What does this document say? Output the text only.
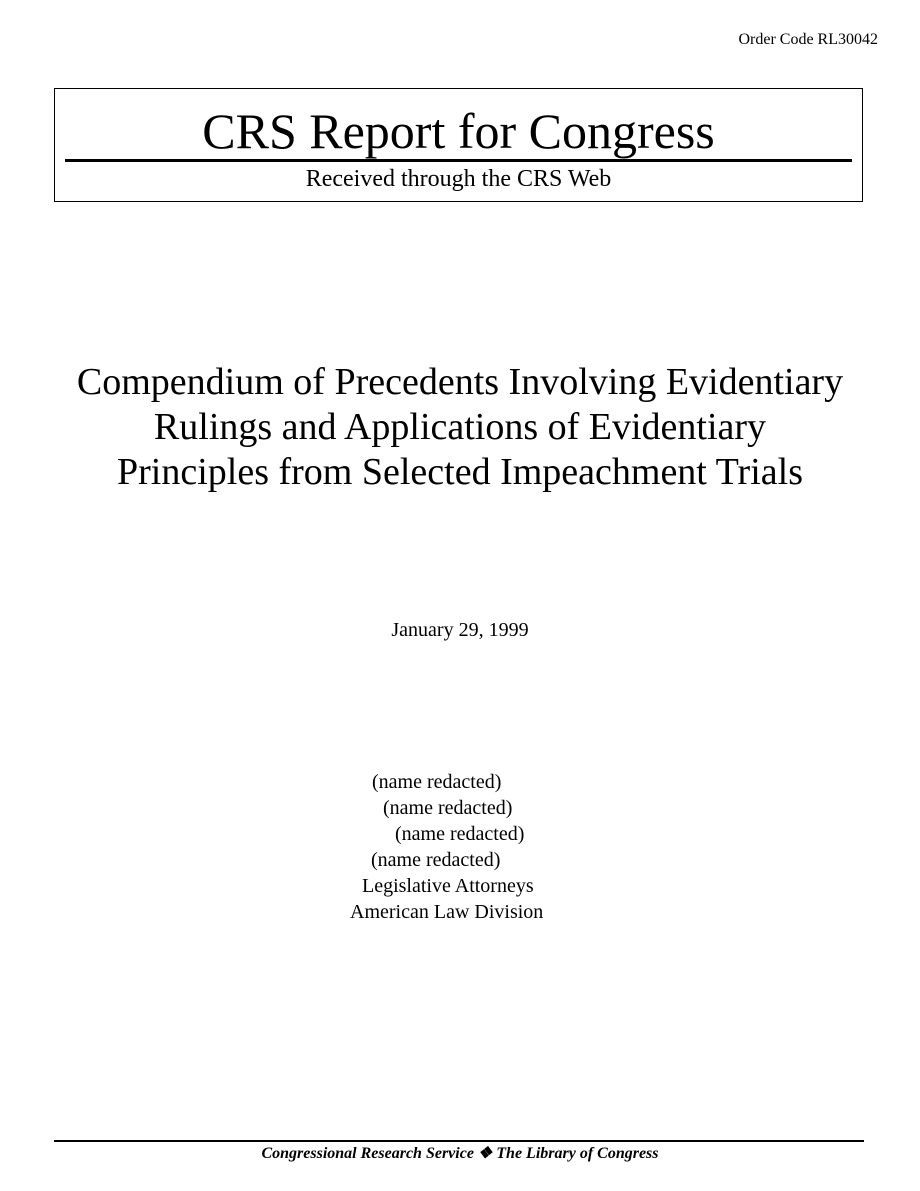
Order Code RL30042
CRS Report for Congress
Received through the CRS Web
Compendium of Precedents Involving Evidentiary
Rulings and Applications of Evidentiary
Principles from Selected Impeachment Trials
January 29, 1999
(name redacted)
(name redacted)
(name redacted)
(name redacted)
Legislative Attorneys
American Law Division
Congressional Research Service ❖ The Library of Congress
